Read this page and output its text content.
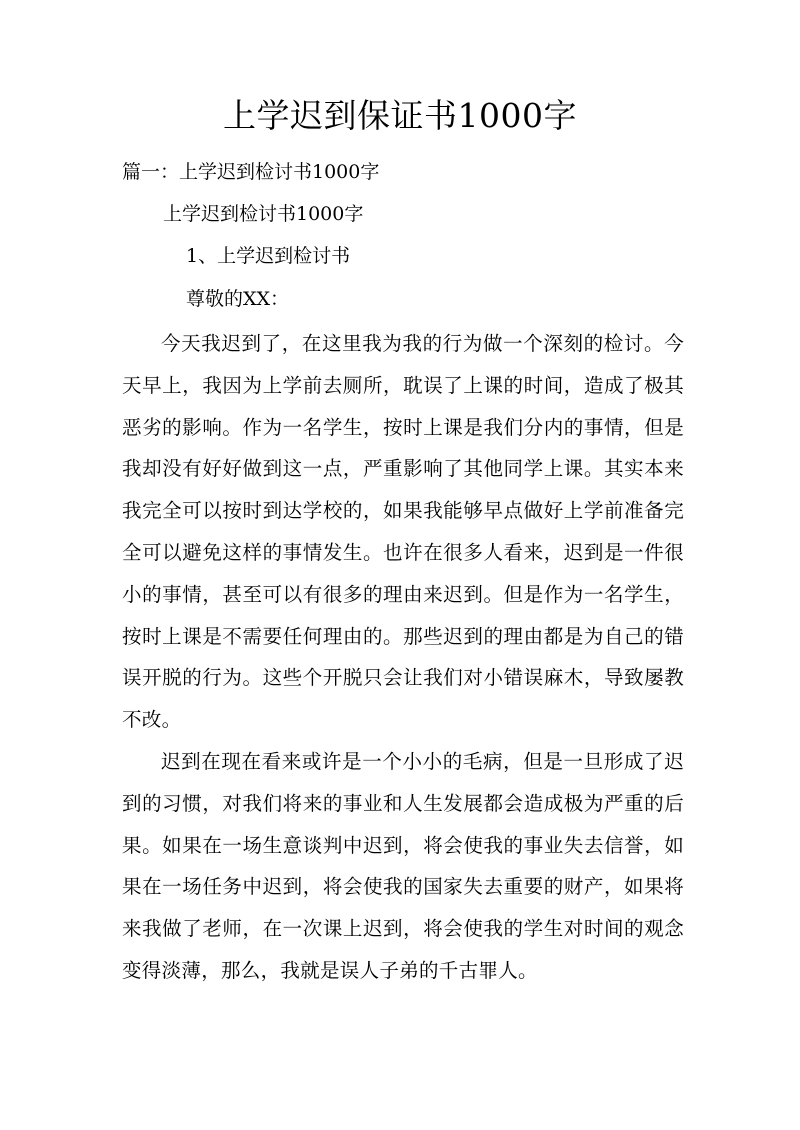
上学迟到保证书1000字

篇一：上学迟到检讨书1000字

上学迟到检讨书1000字

1、上学迟到检讨书

尊敬的XX：

今天我迟到了，在这里我为我的行为做一个深刻的检讨。今天早上，我因为上学前去厕所，耽误了上课的时间，造成了极其恶劣的影响。作为一名学生，按时上课是我们分内的事情，但是我却没有好好做到这一点，严重影响了其他同学上课。其实本来我完全可以按时到达学校的，如果我能够早点做好上学前准备完全可以避免这样的事情发生。也许在很多人看来，迟到是一件很小的事情，甚至可以有很多的理由来迟到。但是作为一名学生，按时上课是不需要任何理由的。那些迟到的理由都是为自己的错误开脱的行为。这些个开脱只会让我们对小错误麻木，导致屡教不改。

迟到在现在看来或许是一个小小的毛病，但是一旦形成了迟到的习惯，对我们将来的事业和人生发展都会造成极为严重的后果。如果在一场生意谈判中迟到，将会使我的事业失去信誉，如果在一场任务中迟到，将会使我的国家失去重要的财产，如果将来我做了老师，在一次课上迟到，将会使我的学生对时间的观念变得淡薄，那么，我就是误人子弟的千古罪人。
